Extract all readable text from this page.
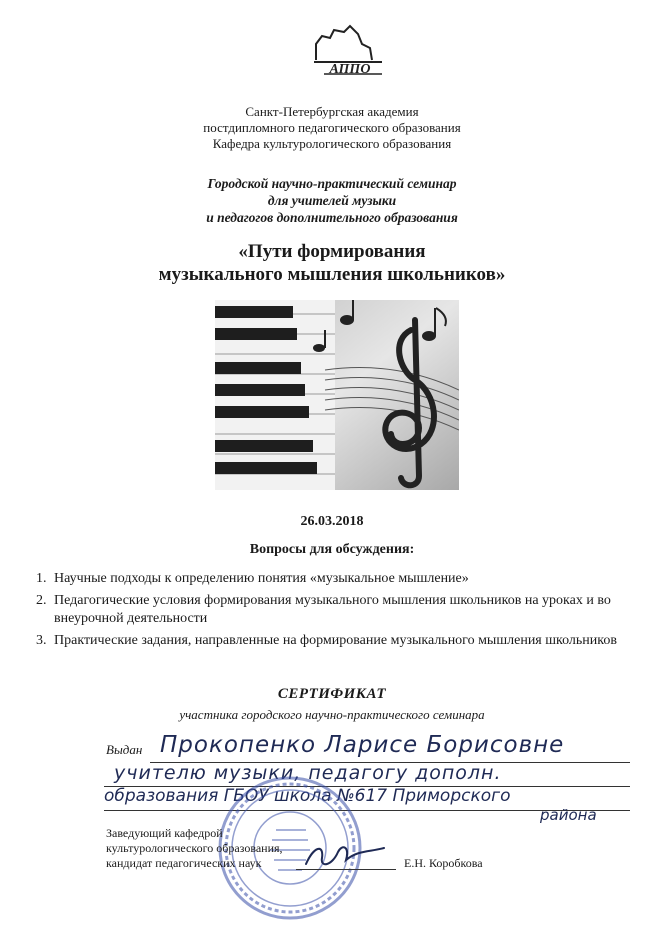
АППО
Санкт-Петербургская академия
постдипломного педагогического образования
Кафедра культурологического образования
Городской научно-практический семинар
для учителей музыки
и педагогов дополнительного образования
«Пути формирования
музыкального мышления школьников»
26.03.2018
Вопросы для обсуждения:
1. Научные подходы к определению понятия «музыкальное мышление»
2. Педагогические условия формирования музыкального мышления школьников на уроках и во внеурочной деятельности
3. Практические задания, направленные на формирование музыкального мышления школьников
СЕРТИФИКАТ
участника городского научно-практического семинара
Выдан Прокопенко Ларисе Борисовне
учителю музыки, педагогу дополн.
образования ГБОУ школа №617 Приморского
района
Заведующий кафедрой
культурологического образования,
кандидат педагогических наук	Е.Н. Коробкова
